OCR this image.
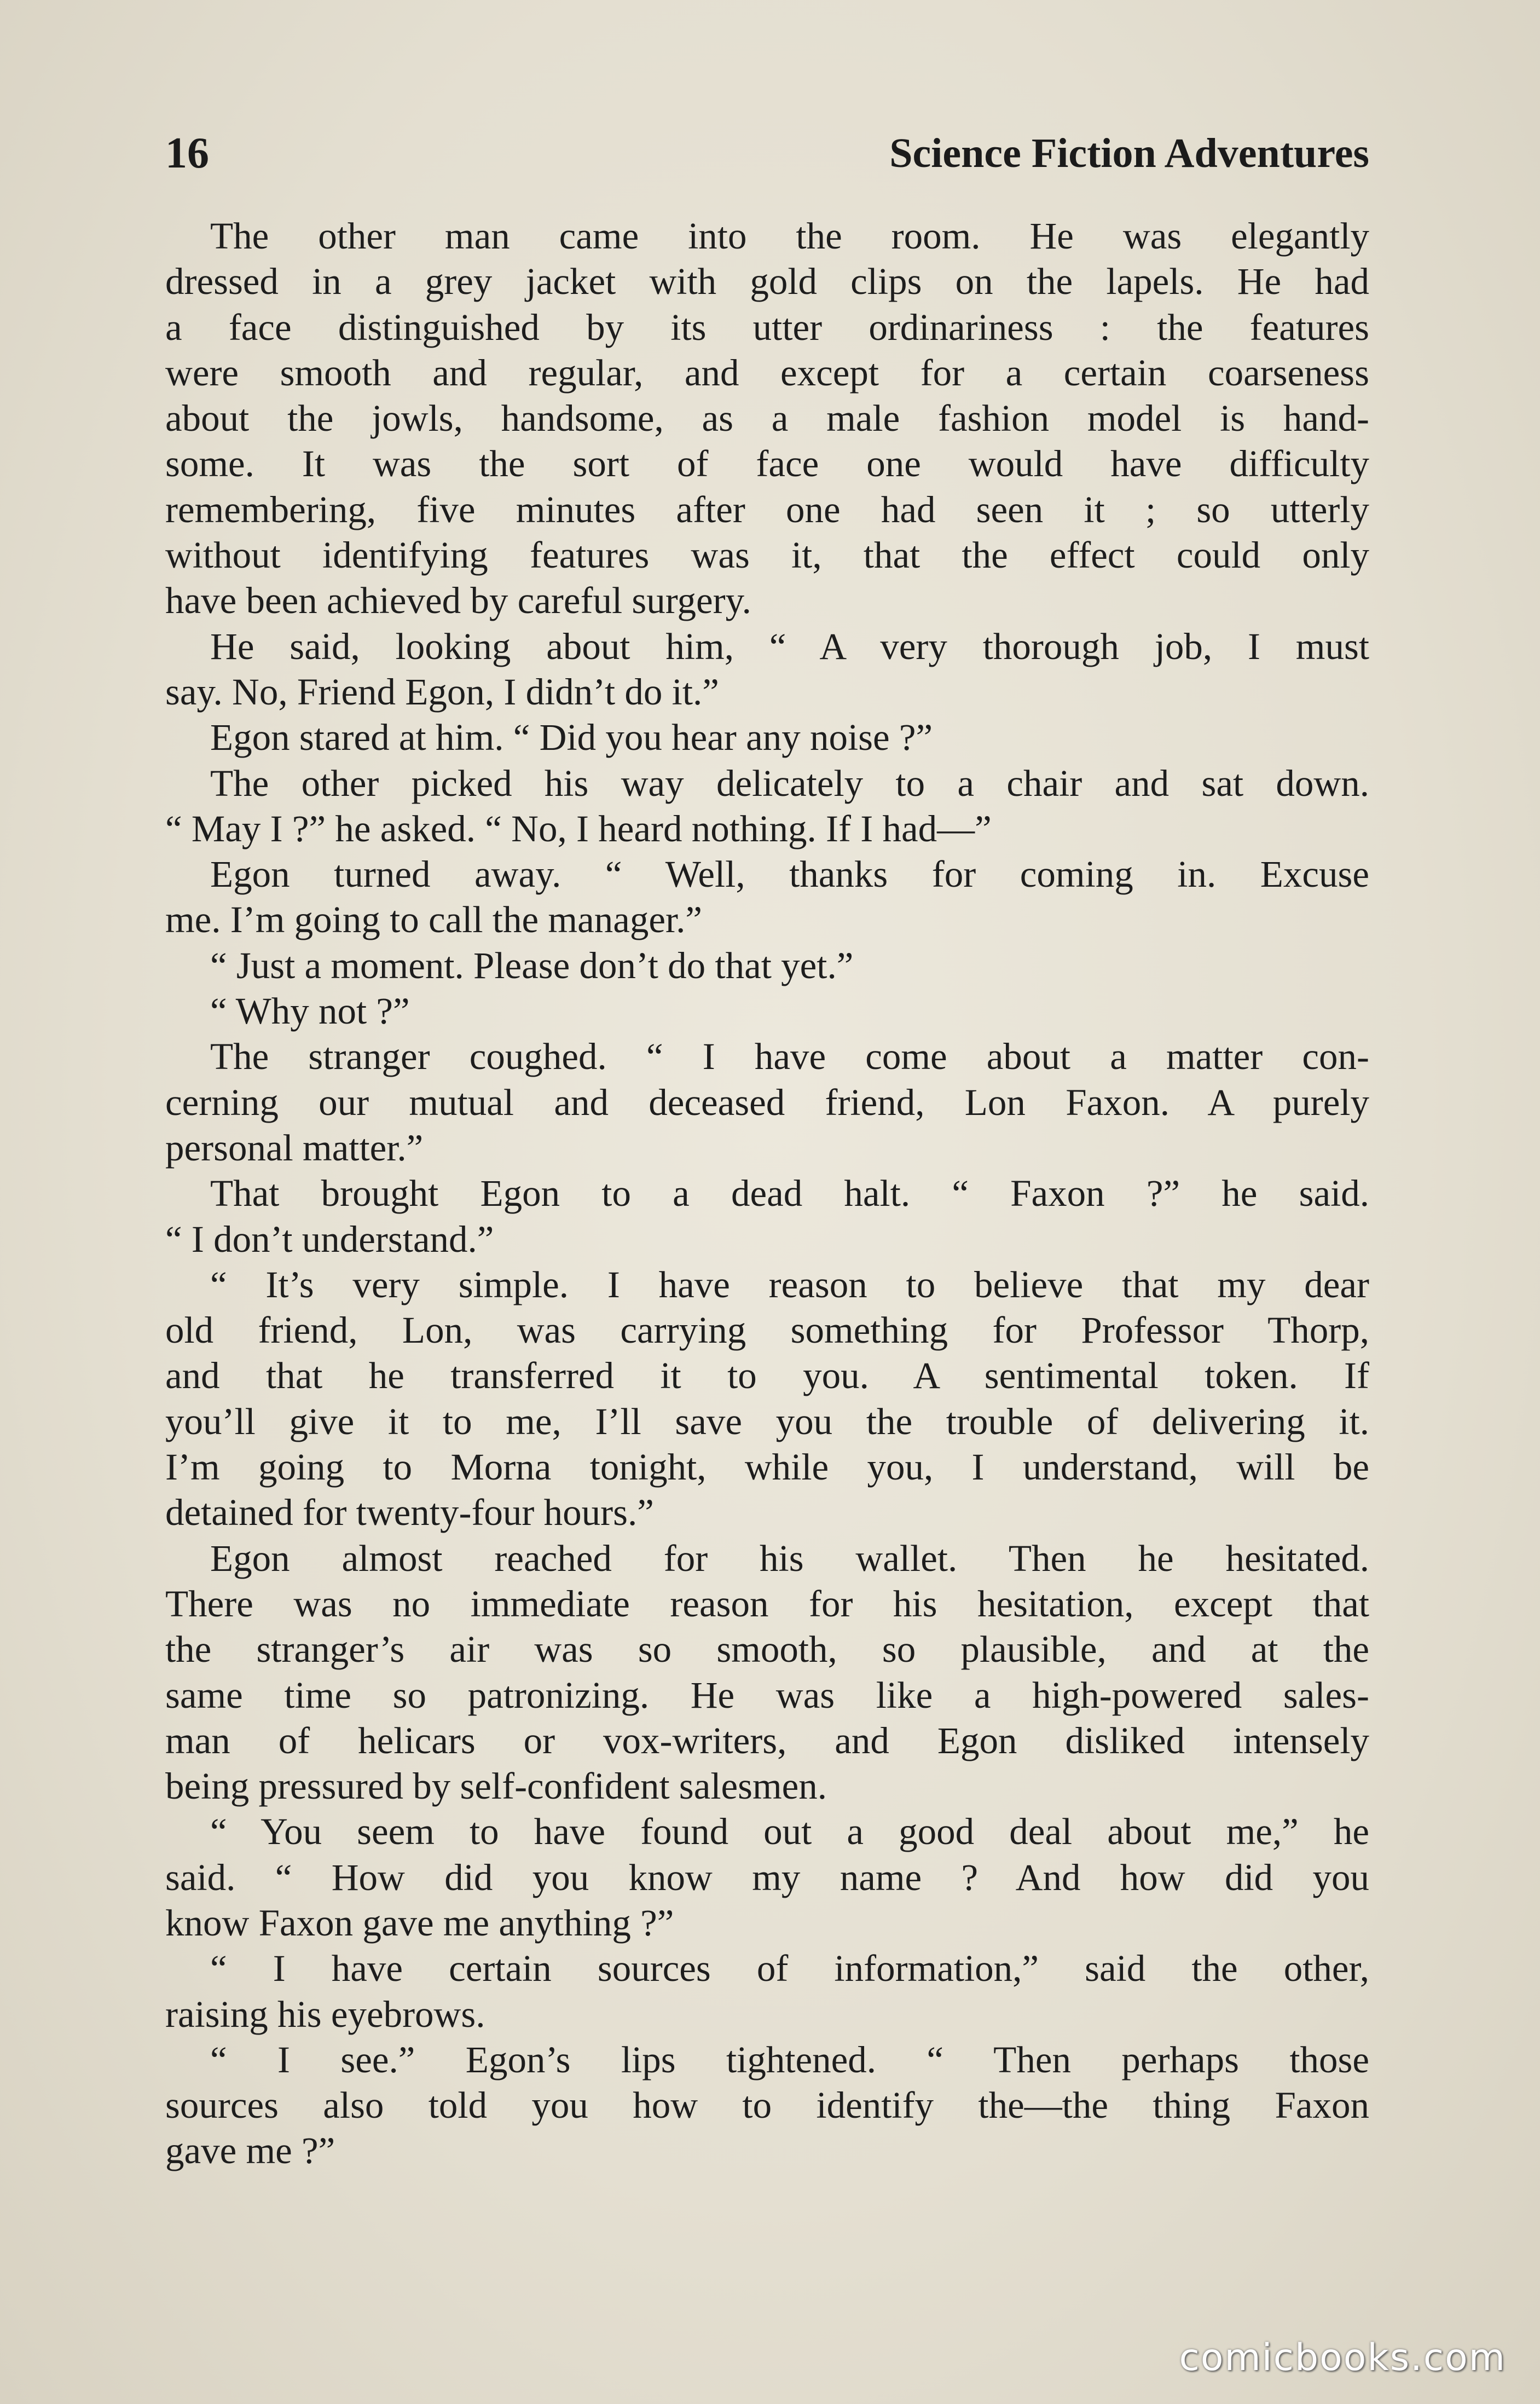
16	Science Fiction Adventures
The other man came into the room. He was elegantly
dressed in a grey jacket with gold clips on the lapels. He had
a face distinguished by its utter ordinariness : the features
were smooth and regular, and except for a certain coarseness
about the jowls, handsome, as a male fashion model is hand-
some. It was the sort of face one would have difficulty
remembering, five minutes after one had seen it ; so utterly
without identifying features was it, that the effect could only
have been achieved by careful surgery.
He said, looking about him, “ A very thorough job, I must
say. No, Friend Egon, I didn’t do it.”
Egon stared at him. “ Did you hear any noise ?”
The other picked his way delicately to a chair and sat down.
“ May I ?” he asked. “ No, I heard nothing. If I had—”
Egon turned away. “ Well, thanks for coming in. Excuse
me. I’m going to call the manager.”
“ Just a moment. Please don’t do that yet.”
“ Why not ?”
The stranger coughed. “ I have come about a matter con-
cerning our mutual and deceased friend, Lon Faxon. A purely
personal matter.”
That brought Egon to a dead halt. “ Faxon ?” he said.
“ I don’t understand.”
“ It’s very simple. I have reason to believe that my dear
old friend, Lon, was carrying something for Professor Thorp,
and that he transferred it to you. A sentimental token. If
you’ll give it to me, I’ll save you the trouble of delivering it.
I’m going to Morna tonight, while you, I understand, will be
detained for twenty-four hours.”
Egon almost reached for his wallet. Then he hesitated.
There was no immediate reason for his hesitation, except that
the stranger’s air was so smooth, so plausible, and at the
same time so patronizing. He was like a high-powered sales-
man of helicars or vox-writers, and Egon disliked intensely
being pressured by self-confident salesmen.
“ You seem to have found out a good deal about me,” he
said. “ How did you know my name ? And how did you
know Faxon gave me anything ?”
“ I have certain sources of information,” said the other,
raising his eyebrows.
“ I see.” Egon’s lips tightened. “ Then perhaps those
sources also told you how to identify the—the thing Faxon
gave me ?”
comicbooks.com
